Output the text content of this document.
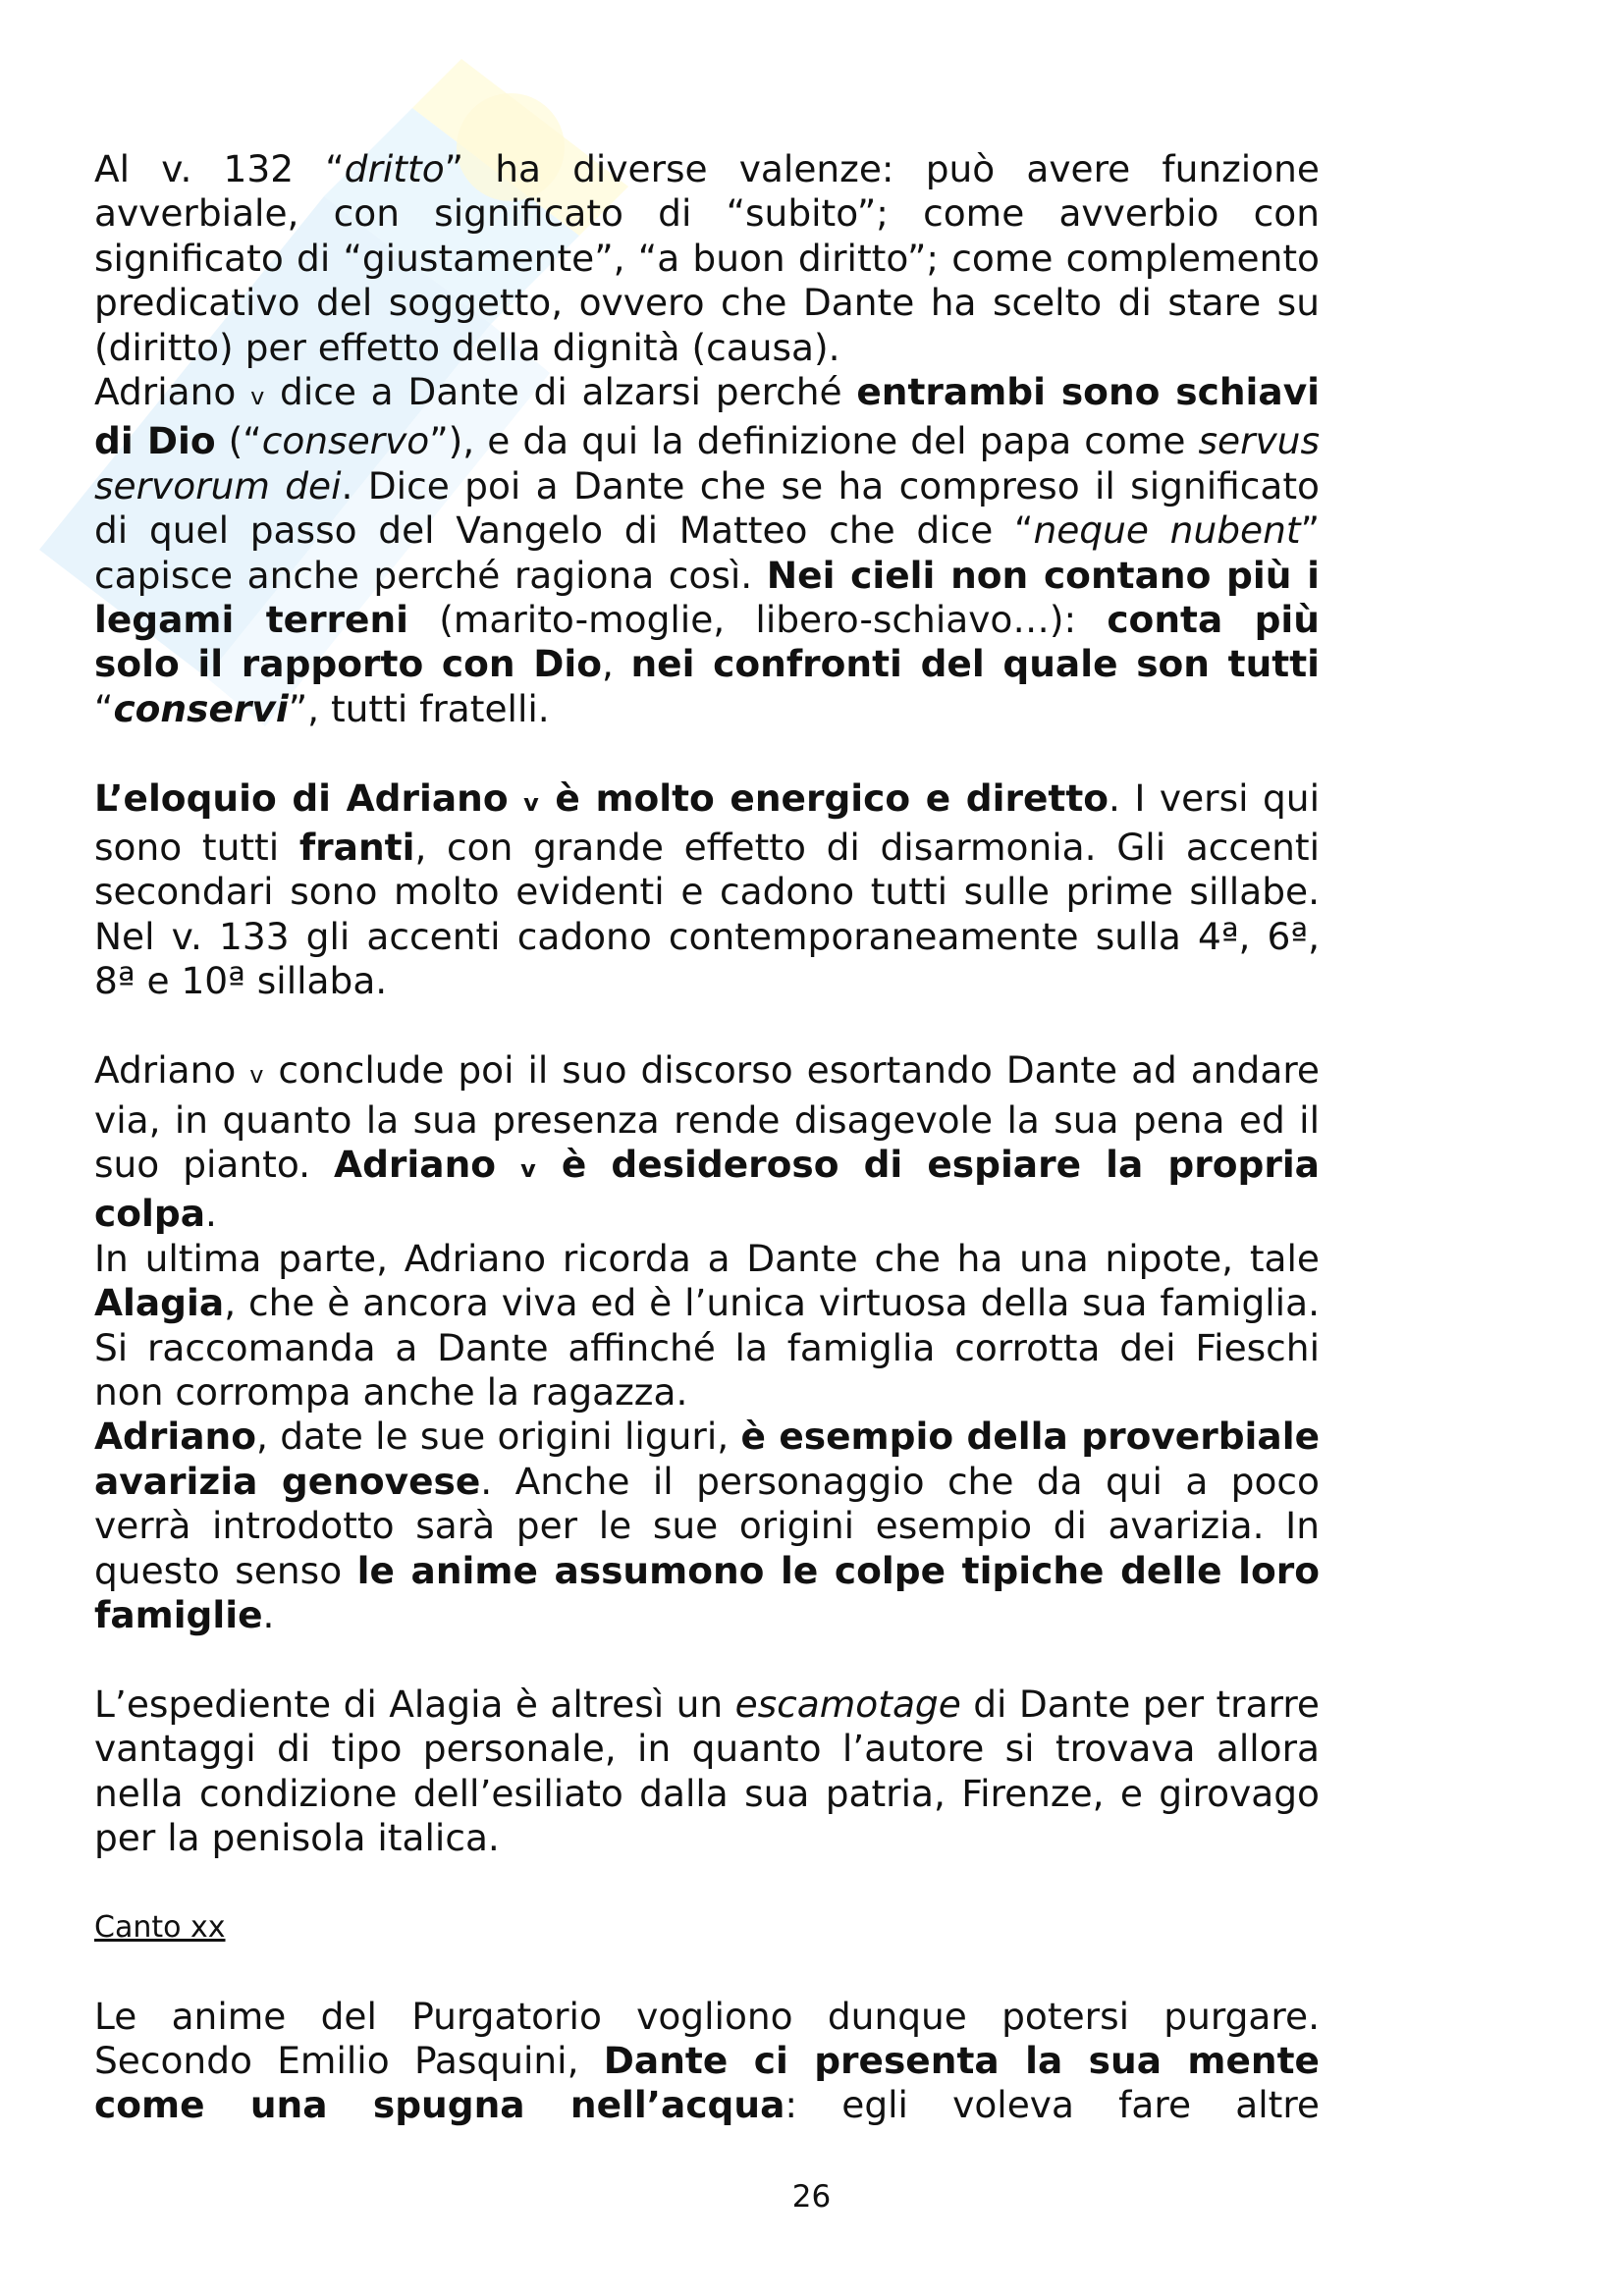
Al v. 132 “dritto” ha diverse valenze: può avere funzione avverbiale, con significato di “subito”; come avverbio con significato di “giustamente”, “a buon diritto”; come complemento predicativo del soggetto, ovvero che Dante ha scelto di stare su (diritto) per effetto della dignità (causa).

Adriano v dice a Dante di alzarsi perché entrambi sono schiavi di Dio (“conservo”), e da qui la definizione del papa come servus servorum dei. Dice poi a Dante che se ha compreso il significato di quel passo del Vangelo di Matteo che dice “neque nubent” capisce anche perché ragiona così. Nei cieli non contano più i legami terreni (marito-moglie, libero-schiavo…): conta più solo il rapporto con Dio, nei confronti del quale son tutti “conservi”, tutti fratelli.

L’eloquio di Adriano v è molto energico e diretto. I versi qui sono tutti franti, con grande effetto di disarmonia. Gli accenti secondari sono molto evidenti e cadono tutti sulle prime sillabe. Nel v. 133 gli accenti cadono contemporaneamente sulla 4ª, 6ª, 8ª e 10ª sillaba.

Adriano v conclude poi il suo discorso esortando Dante ad andare via, in quanto la sua presenza rende disagevole la sua pena ed il suo pianto. Adriano v è desideroso di espiare la propria colpa.

In ultima parte, Adriano ricorda a Dante che ha una nipote, tale Alagia, che è ancora viva ed è l’unica virtuosa della sua famiglia. Si raccomanda a Dante affinché la famiglia corrotta dei Fieschi non corrompa anche la ragazza.

Adriano, date le sue origini liguri, è esempio della proverbiale avarizia genovese. Anche il personaggio che da qui a poco verrà introdotto sarà per le sue origini esempio di avarizia. In questo senso le anime assumono le colpe tipiche delle loro famiglie.

L’espediente di Alagia è altresì un escamotage di Dante per trarre vantaggi di tipo personale, in quanto l’autore si trovava allora nella condizione dell’esiliato dalla sua patria, Firenze, e girovago per la penisola italica.

Canto xx

Le anime del Purgatorio vogliono dunque potersi purgare. Secondo Emilio Pasquini, Dante ci presenta la sua mente come una spugna nell’acqua: egli voleva fare altre

26
